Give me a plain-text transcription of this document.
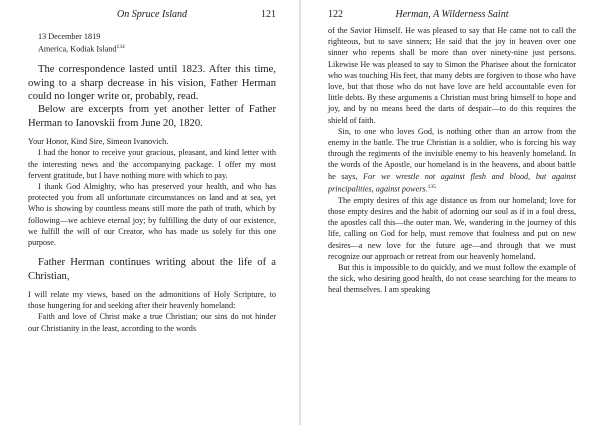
On Spruce Island	121
13 December 1819
America, Kodiak Island$^{134}$

The correspondence lasted until 1823. After this time, owing to a sharp decrease in his vision, Father Herman could no longer write or, probably, read.

Below are excerpts from yet another letter of Father Herman to Ianovskii from June 20, 1820.

Your Honor, Kind Sire, Simeon Ivanovich.

I had the honor to receive your gracious, pleasant, and kind letter with the interesting news and the accompanying package. I offer my most fervent gratitude, but I have nothing more with which to pay.

I thank God Almighty, who has preserved your health, and who has protected you from all unfortunate circumstances on land and at sea, yet Who is showing by countless means still more the path of truth, which by following—we achieve eternal joy; by fulfilling the duty of our existence, we fulfill the will of our Creator, who has made us solely for this one purpose.

Father Herman continues writing about the life of a Christian,

I will relate my views, based on the admonitions of Holy Scripture, to those hungering for and seeking after their heavenly homeland:

Faith and love of Christ make a true Christian; our sins do not hinder our Christianity in the least, according to the words

122	Herman, A Wilderness Saint

of the Savior Himself. He was pleased to say that He came not to call the righteous, but to save sinners; He said that the joy in heaven over one sinner who repents shall be more than over ninety-nine just persons. Likewise He was pleased to say to Simon the Pharisee about the fornicator who was touching His feet, that many debts are forgiven to those who have love, but that those who do not have love are held accountable even for little debts. By these arguments a Christian must bring himself to hope and joy, and by no means heed the darts of despair—to do this requires the shield of faith.

Sin, to one who loves God, is nothing other than an arrow from the enemy in the battle. The true Christian is a soldier, who is forcing his way through the regiments of the invisible enemy to his heavenly homeland. In the words of the Apostle, our homeland is in the heavens, and about battle he says, For we wrestle not against flesh and blood, but against principalities, against powers.$^{135}$

The empty desires of this age distance us from our homeland; love for those empty desires and the habit of adorning our soul as if in a foul dress, the apostles call this—the outer man. We, wandering in the journey of this life, calling on God for help, must remove that foulness and put on new desires—a new love for the future age—and through that we must recognize our approach or retreat from our heavenly homeland.

But this is impossible to do quickly, and we must follow the example of the sick, who desiring good health, do not cease searching for the means to heal themselves. I am speaking
